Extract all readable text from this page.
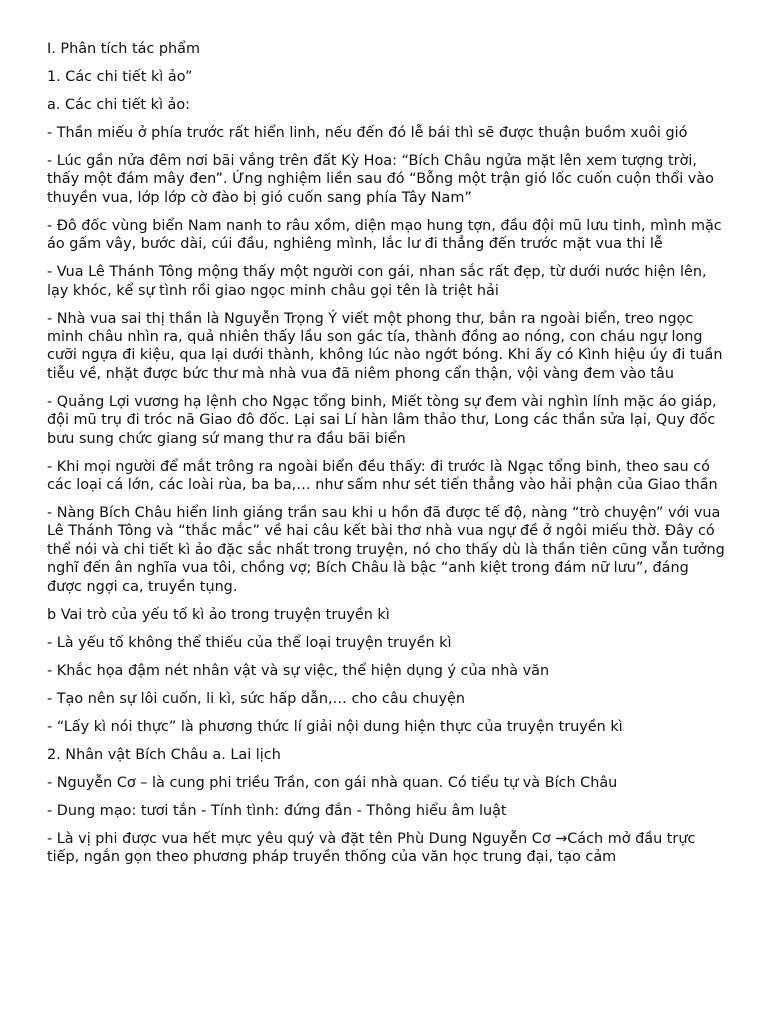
I. Phân tích tác phẩm

1. Các chi tiết kì ảo”

a. Các chi tiết kì ảo:

- Thần miếu ở phía trước rất hiển linh, nếu đến đó lễ bái thì sẽ được thuận buồm xuôi gió

- Lúc gần nửa đêm nơi bãi vắng trên đất Kỳ Hoa: “Bích Châu ngửa mặt lên xem tượng trời, thấy một đám mây đen”. Ứng nghiệm liền sau đó “Bỗng một trận gió lốc cuốn cuộn thổi vào thuyền vua, lớp lớp cờ đào bị gió cuốn sang phía Tây Nam”

- Đô đốc vùng biển Nam nanh to râu xồm, diện mạo hung tợn, đầu đội mũ lưu tinh, mình mặc áo gấm vây, bước dài, cúi đầu, nghiêng mình, lắc lư đi thẳng đến trước mặt vua thi lễ

- Vua Lê Thánh Tông mộng thấy một người con gái, nhan sắc rất đẹp, từ dưới nước hiện lên, lạy khóc, kể sự tình rồi giao ngọc minh châu gọi tên là triệt hải

- Nhà vua sai thị thần là Nguyễn Trọng Ý viết một phong thư, bắn ra ngoài biển, treo ngọc minh châu nhìn ra, quả nhiên thấy lầu son gác tía, thành đồng ao nóng, con cháu ngự long cưỡi ngựa đi kiệu, qua lại dưới thành, không lúc nào ngớt bóng. Khi ấy có Kình hiệu úy đi tuần tiễu về, nhặt được bức thư mà nhà vua đã niêm phong cẩn thận, vội vàng đem vào tâu

- Quảng Lợi vương hạ lệnh cho Ngạc tổng binh, Miết tòng sự đem vài nghìn lính mặc áo giáp, đội mũ trụ đi tróc nã Giao đô đốc. Lại sai Lí hàn lâm thảo thư, Long các thần sửa lại, Quy đốc bưu sung chức giang sứ mang thư ra đầu bãi biển

- Khi mọi người để mắt trông ra ngoài biển đều thấy: đi trước là Ngạc tổng binh, theo sau có các loại cá lớn, các loài rùa, ba ba,… như sấm như sét tiến thẳng vào hải phận của Giao thần

- Nàng Bích Châu hiển linh giáng trần sau khi u hồn đã được tế độ, nàng “trò chuyện” với vua Lê Thánh Tông và “thắc mắc” về hai câu kết bài thơ nhà vua ngự đề ở ngôi miếu thờ. Đây có thể nói và chi tiết kì ảo đặc sắc nhất trong truyện, nó cho thấy dù là thần tiên cũng vẫn tưởng nghĩ đến ân nghĩa vua tôi, chồng vợ; Bích Châu là bậc “anh kiệt trong đám nữ lưu”, đáng được ngợi ca, truyền tụng.

b Vai trò của yếu tố kì ảo trong truyện truyền kì

- Là yếu tố không thể thiếu của thể loại truyện truyền kì

- Khắc họa đậm nét nhân vật và sự việc, thể hiện dụng ý của nhà văn

- Tạo nên sự lôi cuốn, li kì, sức hấp dẫn,… cho câu chuyện

- “Lấy kì nói thực” là phương thức lí giải nội dung hiện thực của truyện truyền kì

2. Nhân vật Bích Châu a. Lai lịch

- Nguyễn Cơ – là cung phi triều Trần, con gái nhà quan. Có tiểu tự và Bích Châu

- Dung mạo: tươi tắn - Tính tình: đứng đắn - Thông hiểu âm luật

- Là vị phi được vua hết mực yêu quý và đặt tên Phù Dung Nguyễn Cơ →Cách mở đầu trực tiếp, ngắn gọn theo phương pháp truyền thống của văn học trung đại, tạo cảm
